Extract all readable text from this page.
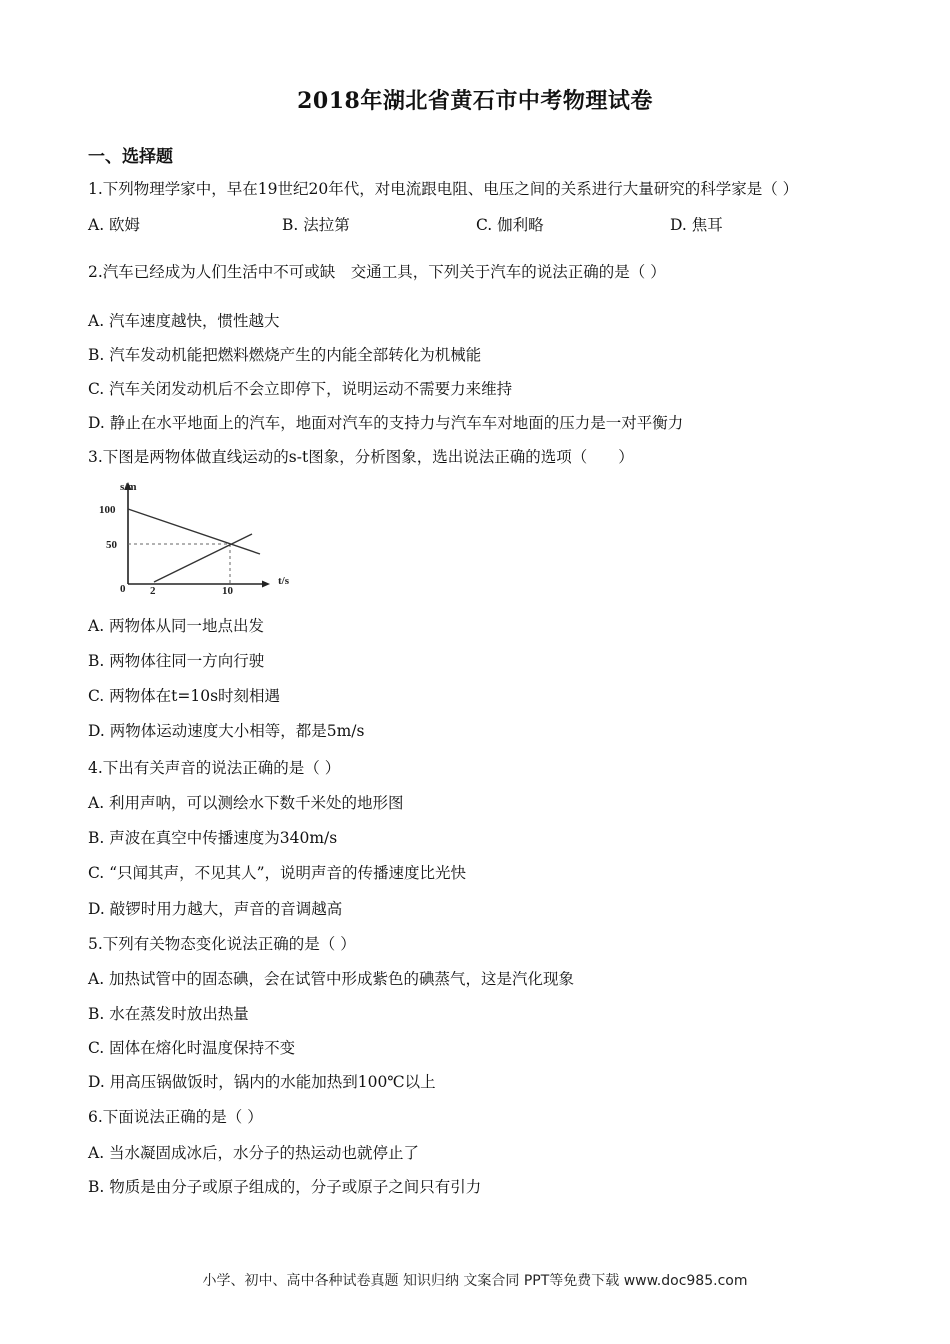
2018年湖北省黄石市中考物理试卷
一、选择题
1.下列物理学家中，早在19世纪20年代，对电流跟电阻、电压之间的关系进行大量研究的科学家是（ ）
A. 欧姆	B. 法拉第	C. 伽利略	D. 焦耳
2.汽车已经成为人们生活中不可或缺　交通工具，下列关于汽车的说法正确的是（ ）
A. 汽车速度越快，惯性越大
B. 汽车发动机能把燃料燃烧产生的内能全部转化为机械能
C. 汽车关闭发动机后不会立即停下，说明运动不需要力来维持
D. 静止在水平地面上的汽车，地面对汽车的支持力与汽车车对地面的压力是一对平衡力
3.下图是两物体做直线运动的s-t图象，分析图象，选出说法正确的选项（　　）
s/m
t/s
100
50
0 2	10
A. 两物体从同一地点出发
B. 两物体往同一方向行驶
C. 两物体在t=10s时刻相遇
D. 两物体运动速度大小相等，都是5m/s
4.下出有关声音的说法正确的是（ ）
A. 利用声呐，可以测绘水下数千米处的地形图
B. 声波在真空中传播速度为340m/s
C. “只闻其声，不见其人”，说明声音的传播速度比光快
D. 敲锣时用力越大，声音的音调越高
5.下列有关物态变化说法正确的是（ ）
A. 加热试管中的固态碘，会在试管中形成紫色的碘蒸气，这是汽化现象
B. 水在蒸发时放出热量
C. 固体在熔化时温度保持不变
D. 用高压锅做饭时，锅内的水能加热到100℃以上
6.下面说法正确的是（ ）
A. 当水凝固成冰后，水分子的热运动也就停止了
B. 物质是由分子或原子组成的，分子或原子之间只有引力
小学、初中、高中各种试卷真题 知识归纳 文案合同 PPT等免费下载 www.doc985.com
